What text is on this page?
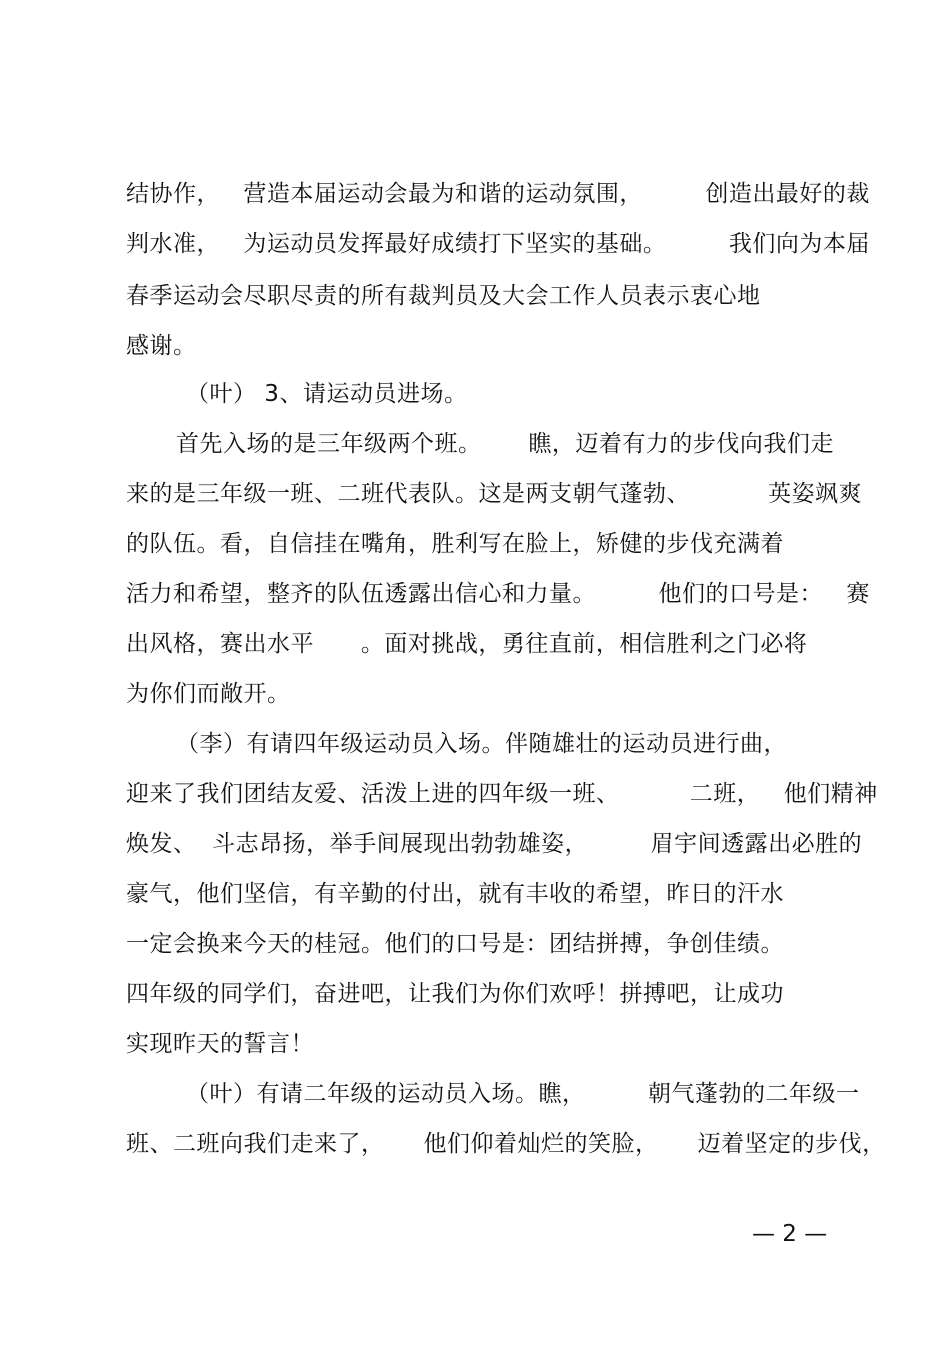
结协作，   营造本届运动会最为和谐的运动氛围，        创造出最好的裁
判水准，   为运动员发挥最好成绩打下坚实的基础。        我们向为本届
春季运动会尽职尽责的所有裁判员及大会工作人员表示衷心地
感谢。
（叶） 3、请运动员进场。
首先入场的是三年级两个班。      瞧，迈着有力的步伐向我们走
来的是三年级一班、二班代表队。这是两支朝气蓬勃、          英姿飒爽
的队伍。看，自信挂在嘴角，胜利写在脸上，矫健的步伐充满着
活力和希望，整齐的队伍透露出信心和力量。        他们的口号是：   赛
出风格，赛出水平      。面对挑战，勇往直前，相信胜利之门必将
为你们而敞开。
（李）有请四年级运动员入场。伴随雄壮的运动员进行曲，
迎来了我们团结友爱、活泼上进的四年级一班、         二班，   他们精神
焕发、  斗志昂扬，举手间展现出勃勃雄姿，        眉宇间透露出必胜的
豪气，他们坚信，有辛勤的付出，就有丰收的希望，昨日的汗水
一定会换来今天的桂冠。他们的口号是：团结拼搏，争创佳绩。
四年级的同学们，奋进吧，让我们为你们欢呼！拼搏吧，让成功
实现昨天的誓言！
（叶）有请二年级的运动员入场。瞧，        朝气蓬勃的二年级一
班、二班向我们走来了，     他们仰着灿烂的笑脸，     迈着坚定的步伐，
— 2 —
